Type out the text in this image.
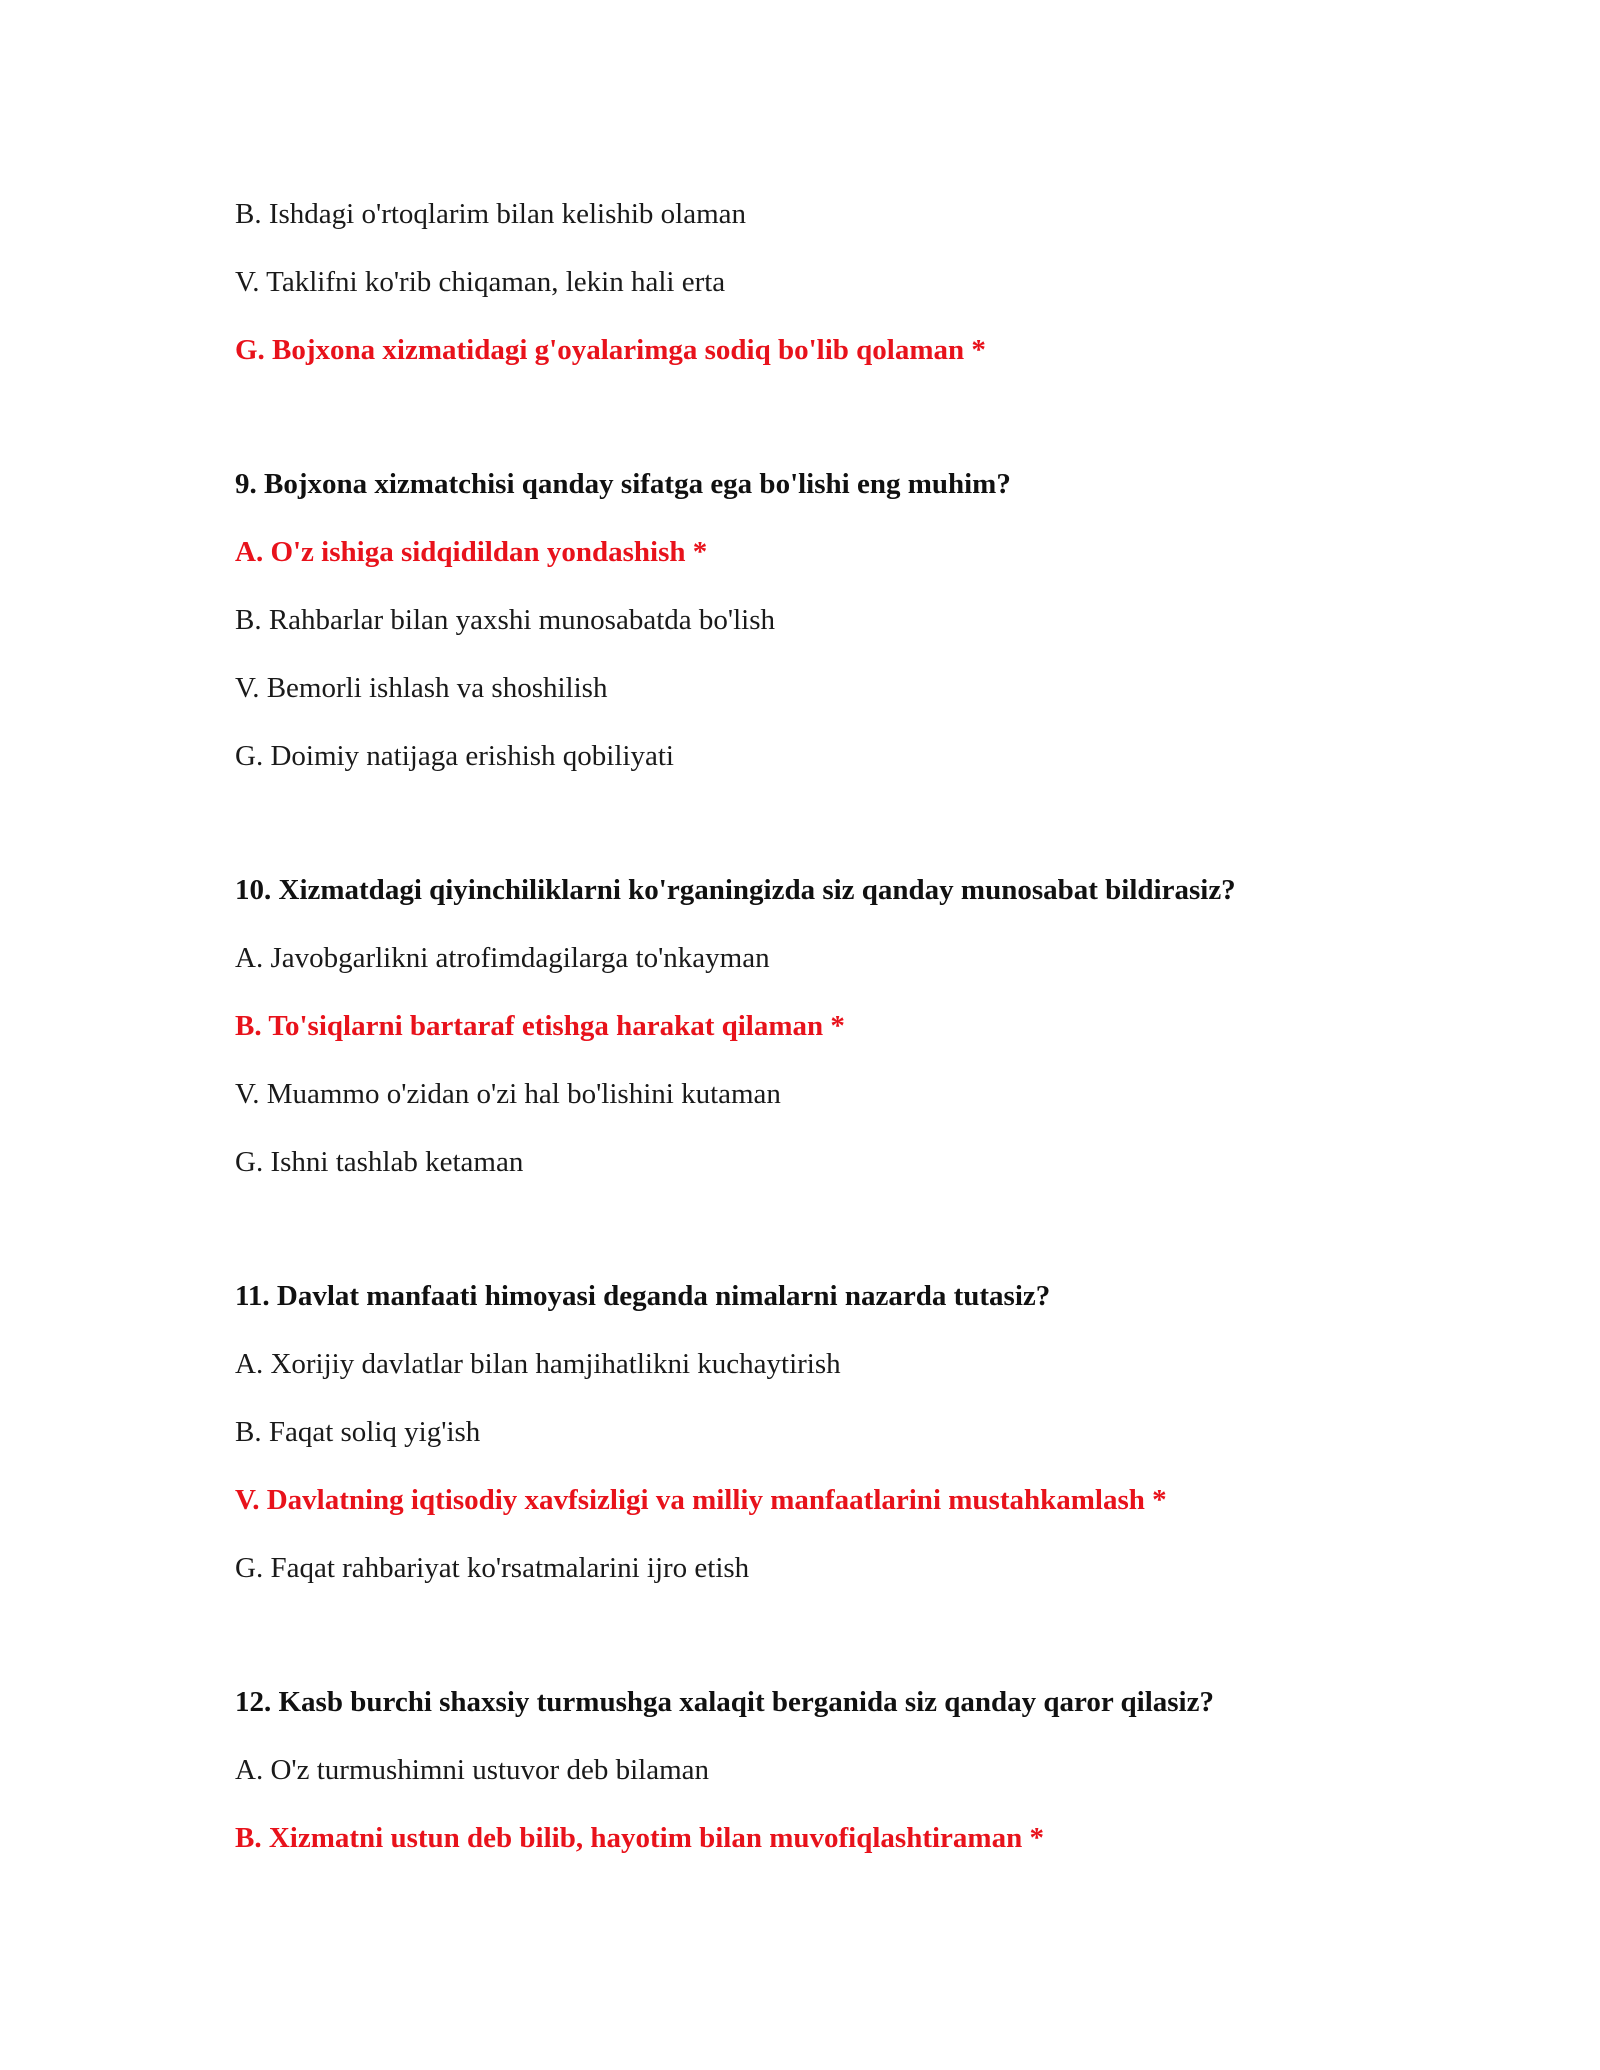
B. Ishdagi o'rtoqlarim bilan kelishib olaman
V. Taklifni ko'rib chiqaman, lekin hali erta
G. Bojxona xizmatidagi g'oyalarimga sodiq bo'lib qolaman *
9. Bojxona xizmatchisi qanday sifatga ega bo'lishi eng muhim?
A. O'z ishiga sidqidildan yondashish *
B. Rahbarlar bilan yaxshi munosabatda bo'lish
V. Bemorli ishlash va shoshilish
G. Doimiy natijaga erishish qobiliyati
10. Xizmatdagi qiyinchiliklarni ko'rganingizda siz qanday munosabat bildirasiz?
A. Javobgarlikni atrofimdagilarga to'nkayman
B. To'siqlarni bartaraf etishga harakat qilaman *
V. Muammo o'zidan o'zi hal bo'lishini kutaman
G. Ishni tashlab ketaman
11. Davlat manfaati himoyasi deganda nimalarni nazarda tutasiz?
A. Xorijiy davlatlar bilan hamjihatlikni kuchaytirish
B. Faqat soliq yig'ish
V. Davlatning iqtisodiy xavfsizligi va milliy manfaatlarini mustahkamlash *
G. Faqat rahbariyat ko'rsatmalarini ijro etish
12. Kasb burchi shaxsiy turmushga xalaqit berganida siz qanday qaror qilasiz?
A. O'z turmushimni ustuvor deb bilaman
B. Xizmatni ustun deb bilib, hayotim bilan muvofiqlashtiraman *
